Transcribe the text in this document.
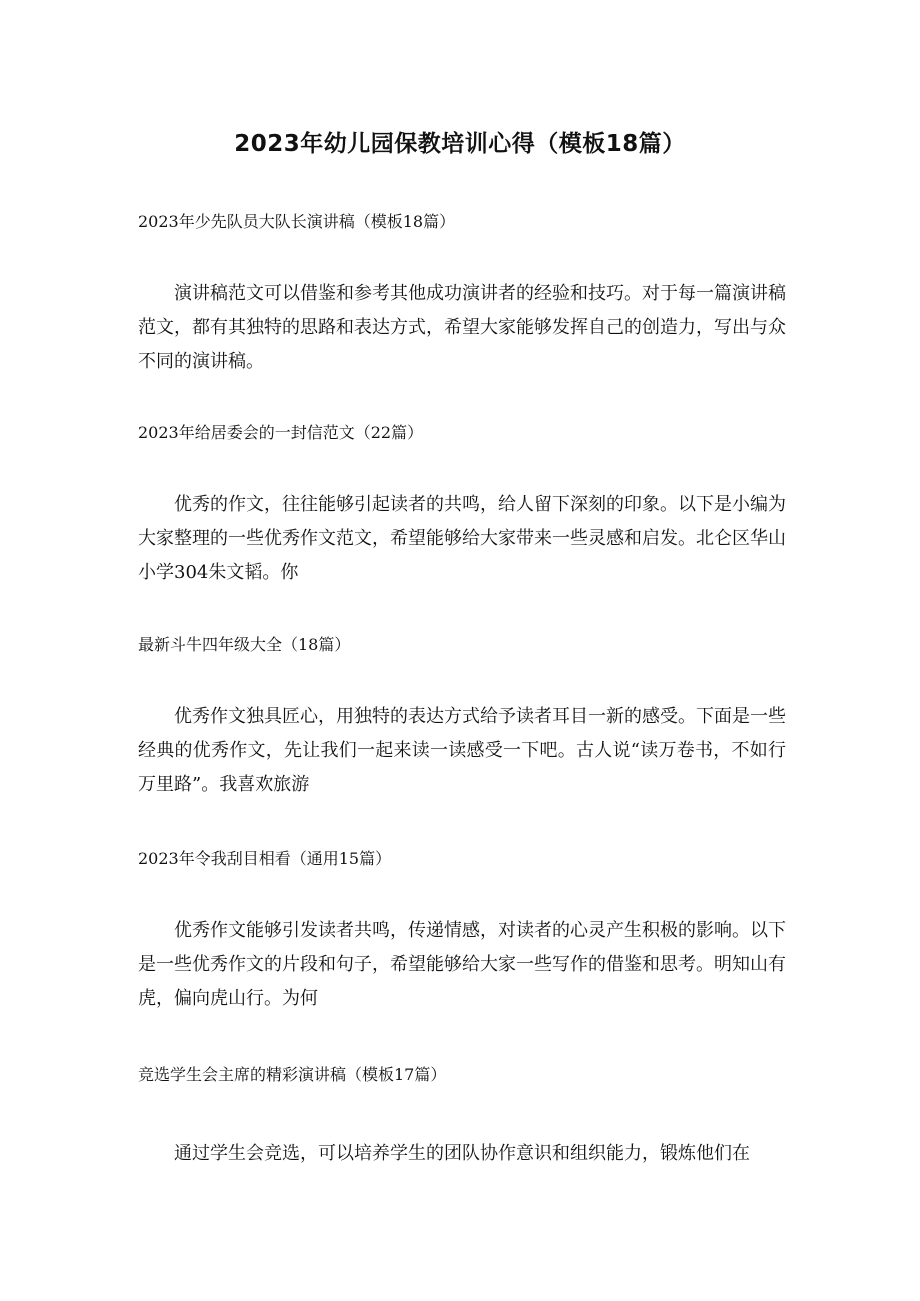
2023年幼儿园保教培训心得（模板18篇）

2023年少先队员大队长演讲稿（模板18篇）

演讲稿范文可以借鉴和参考其他成功演讲者的经验和技巧。对于每一篇演讲稿范文，都有其独特的思路和表达方式，希望大家能够发挥自己的创造力，写出与众不同的演讲稿。

2023年给居委会的一封信范文（22篇）

优秀的作文，往往能够引起读者的共鸣，给人留下深刻的印象。以下是小编为大家整理的一些优秀作文范文，希望能够给大家带来一些灵感和启发。北仑区华山小学304朱文韬。你

最新斗牛四年级大全（18篇）

优秀作文独具匠心，用独特的表达方式给予读者耳目一新的感受。下面是一些经典的优秀作文，先让我们一起来读一读感受一下吧。古人说“读万卷书，不如行万里路”。我喜欢旅游

2023年令我刮目相看（通用15篇）

优秀作文能够引发读者共鸣，传递情感，对读者的心灵产生积极的影响。以下是一些优秀作文的片段和句子，希望能够给大家一些写作的借鉴和思考。明知山有虎，偏向虎山行。为何

竞选学生会主席的精彩演讲稿（模板17篇）

通过学生会竞选，可以培养学生的团队协作意识和组织能力，锻炼他们在
